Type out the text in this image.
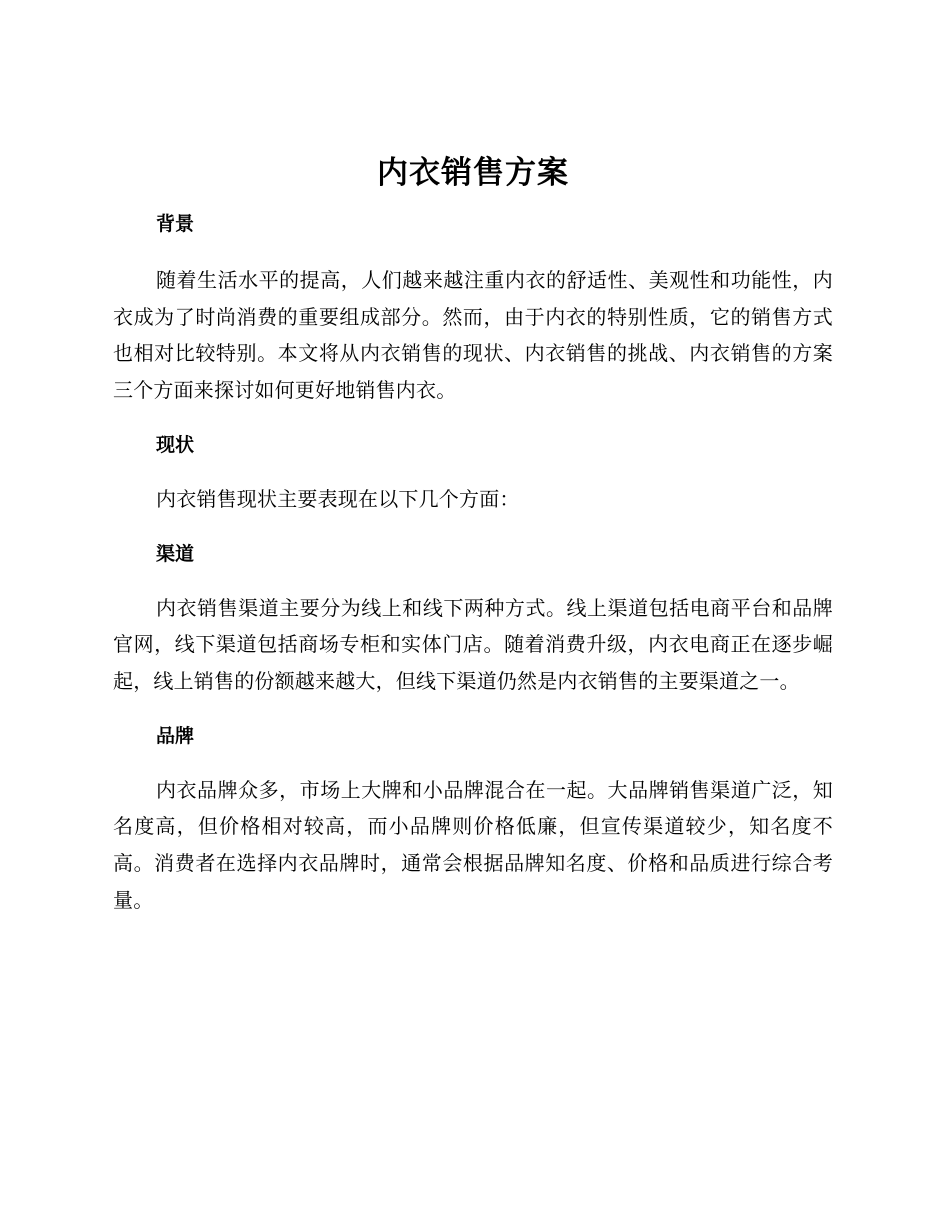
内衣销售方案
背景

随着生活水平的提高，人们越来越注重内衣的舒适性、美观性和功能性，内衣成为了时尚消费的重要组成部分。然而，由于内衣的特别性质，它的销售方式也相对比较特别。本文将从内衣销售的现状、内衣销售的挑战、内衣销售的方案三个方面来探讨如何更好地销售内衣。

现状

内衣销售现状主要表现在以下几个方面：

渠道

内衣销售渠道主要分为线上和线下两种方式。线上渠道包括电商平台和品牌官网，线下渠道包括商场专柜和实体门店。随着消费升级，内衣电商正在逐步崛起，线上销售的份额越来越大，但线下渠道仍然是内衣销售的主要渠道之一。

品牌

内衣品牌众多，市场上大牌和小品牌混合在一起。大品牌销售渠道广泛，知名度高，但价格相对较高，而小品牌则价格低廉，但宣传渠道较少，知名度不高。消费者在选择内衣品牌时，通常会根据品牌知名度、价格和品质进行综合考量。
